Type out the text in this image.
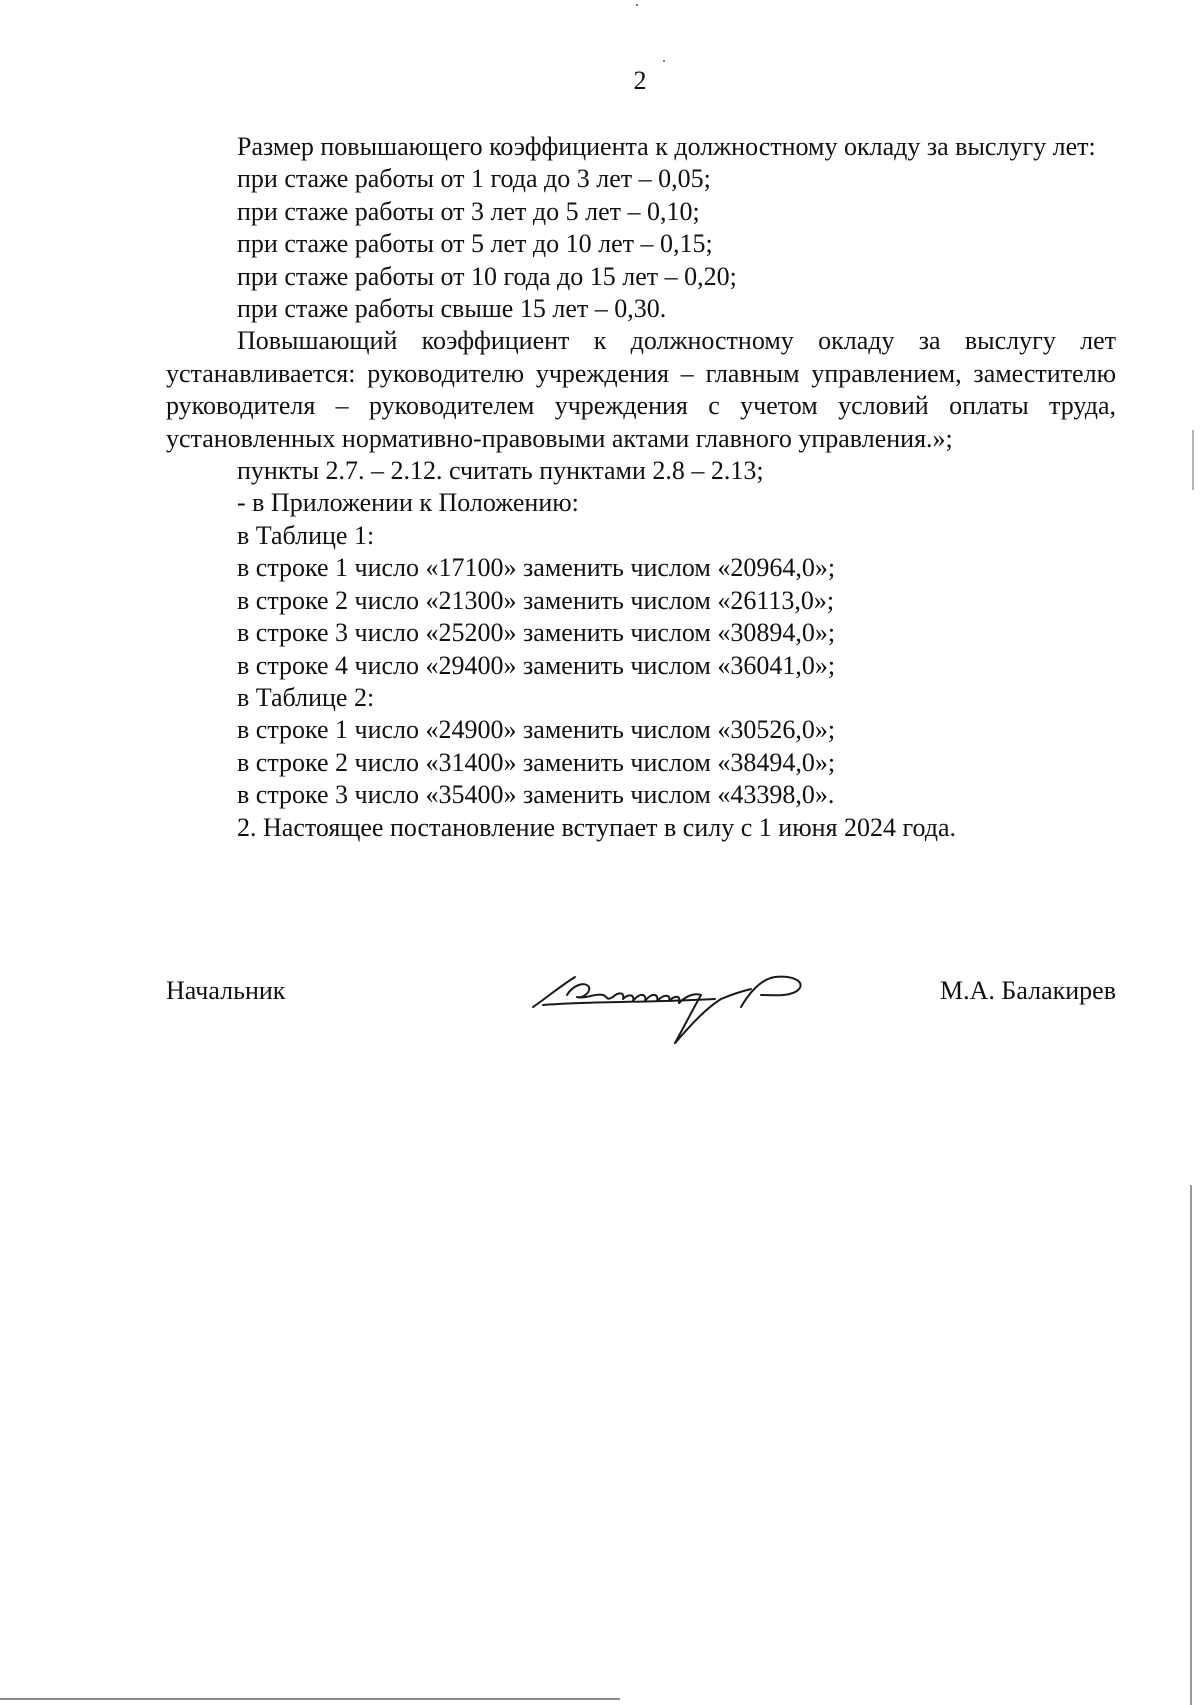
2

Размер повышающего коэффициента к должностному окладу за выслугу лет:

при стаже работы от 1 года до 3 лет – 0,05;

при стаже работы от 3 лет до 5 лет – 0,10;

при стаже работы от 5 лет до 10 лет – 0,15;

при стаже работы от 10 года до 15 лет – 0,20;

при стаже работы свыше 15 лет – 0,30.

Повышающий коэффициент к должностному окладу за выслугу лет устанавливается: руководителю учреждения – главным управлением, заместителю руководителя – руководителем учреждения с учетом условий оплаты труда, установленных нормативно-правовыми актами главного управления.»;

пункты 2.7. – 2.12. считать пунктами 2.8 – 2.13;

- в Приложении к Положению:

в Таблице 1:

в строке 1 число «17100» заменить числом «20964,0»;

в строке 2 число «21300» заменить числом «26113,0»;

в строке 3 число «25200» заменить числом «30894,0»;

в строке 4 число «29400» заменить числом «36041,0»;

в Таблице 2:

в строке 1 число «24900» заменить числом «30526,0»;

в строке 2 число «31400» заменить числом «38494,0»;

в строке 3 число «35400» заменить числом «43398,0».

2. Настоящее постановление вступает в силу с 1 июня 2024 года.

Начальник	М.А. Балакирев
